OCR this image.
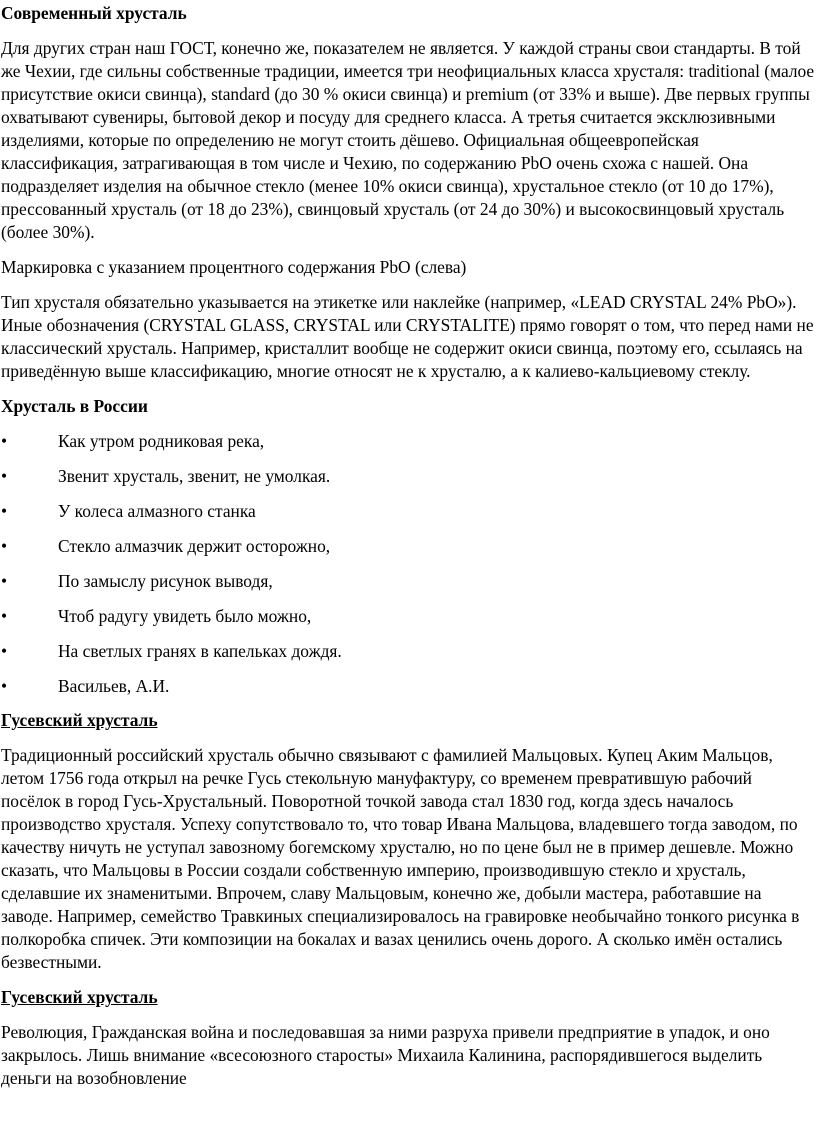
Современный хрусталь

Для других стран наш ГОСТ, конечно же, показателем не является. У каждой страны свои стандарты. В той же Чехии, где сильны собственные традиции, имеется три неофициальных класса хрусталя: traditional (малое присутствие окиси свинца), standard (до 30 % окиси свинца) и premium (от 33% и выше). Две первых группы охватывают сувениры, бытовой декор и посуду для среднего класса. А третья считается эксклюзивными изделиями, которые по определению не могут стоить дёшево. Официальная общеевропейская классификация, затрагивающая в том числе и Чехию, по содержанию PbO очень схожа с нашей. Она подразделяет изделия на обычное стекло (менее 10% окиси свинца), хрустальное стекло (от 10 до 17%), прессованный хрусталь (от 18 до 23%), свинцовый хрусталь (от 24 до 30%) и высокосвинцовый хрусталь (более 30%).

Маркировка с указанием процентного содержания PbO (слева)

Тип хрусталя обязательно указывается на этикетке или наклейке (например, «LEAD CRYSTAL 24% PbO»). Иные обозначения (CRYSTAL GLASS, CRYSTAL или CRYSTALITE) прямо говорят о том, что перед нами не классический хрусталь. Например, кристаллит вообще не содержит окиси свинца, поэтому его, ссылаясь на приведённую выше классификацию, многие относят не к хрусталю, а к калиево-кальциевому стеклу.

Хрусталь в России
•	Как утром родниковая река,
•	Звенит хрусталь, звенит, не умолкая.
•	У колеса алмазного станка
•	Стекло алмазчик держит осторожно,
•	По замыслу рисунок выводя,
•	Чтоб радугу увидеть было можно,
•	На светлых гранях в капельках дождя.
•	Васильев, А.И.
Гусевский хрусталь

Традиционный российский хрусталь обычно связывают с фамилией Мальцовых. Купец Аким Мальцов, летом 1756 года открыл на речке Гусь стекольную мануфактуру, со временем превратившую рабочий посёлок в город Гусь-Хрустальный. Поворотной точкой завода стал 1830 год, когда здесь началось производство хрусталя. Успеху сопутствовало то, что товар Ивана Мальцова, владевшего тогда заводом, по качеству ничуть не уступал завозному богемскому хрусталю, но по цене был не в пример дешевле. Можно сказать, что Мальцовы в России создали собственную империю, производившую стекло и хрусталь, сделавшие их знаменитыми. Впрочем, славу Мальцовым, конечно же, добыли мастера, работавшие на заводе. Например, семейство Травкиных специализировалось на гравировке необычайно тонкого рисунка в полкоробка спичек. Эти композиции на бокалах и вазах ценились очень дорого. А сколько имён остались безвестными.

Гусевский хрусталь

Революция, Гражданская война и последовавшая за ними разруха привели предприятие в упадок, и оно закрылось. Лишь внимание «всесоюзного старосты» Михаила Калинина, распорядившегося выделить деньги на возобновление
